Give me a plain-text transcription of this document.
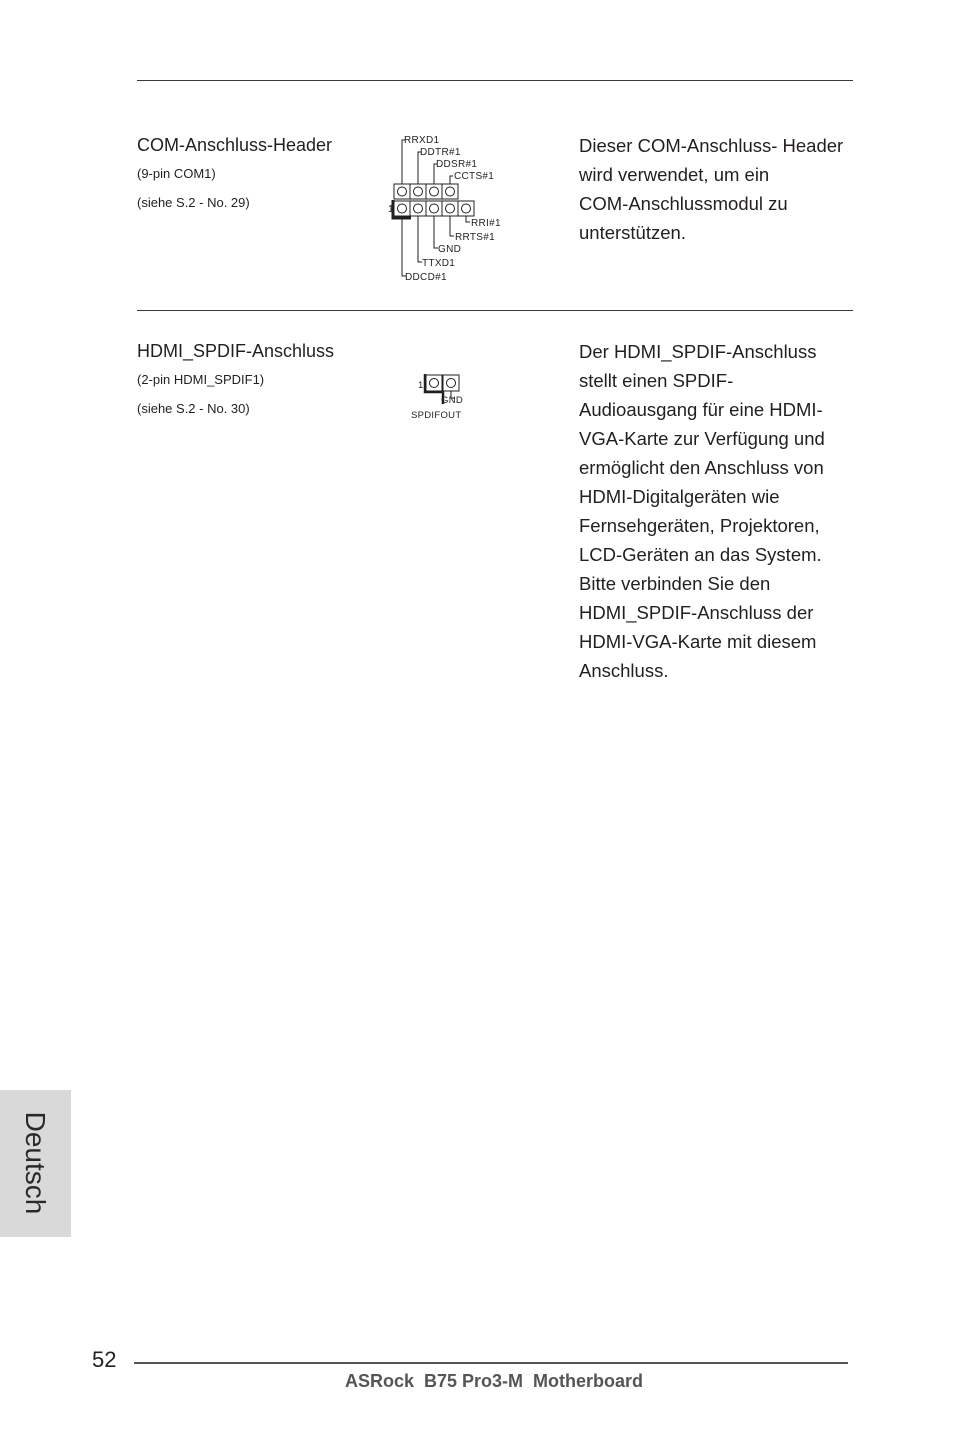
COM-Anschluss-Header
(9-pin COM1)
(siehe S.2 - No. 29)	1
RRXD1
DDTR#1
DDSR#1
CCTS#1
RRI#1
RRTS#1
GND
TTXD1
DDCD#1
Dieser COM-Anschluss- Header
wird verwendet, um ein
COM-Anschlussmodul zu
unterstützen.
HDMI_SPDIF-Anschluss
(2-pin HDMI_SPDIF1)
(siehe S.2 - No. 30)
1
GND
SPDIFOUT
Der HDMI_SPDIF-Anschluss
stellt einen SPDIF-
Audioausgang für eine HDMI-
VGA-Karte zur Verfügung und
ermöglicht den Anschluss von
HDMI-Digitalgeräten wie
Fernsehgeräten, Projektoren,
LCD-Geräten an das System.
Bitte verbinden Sie den
HDMI_SPDIF-Anschluss der
HDMI-VGA-Karte mit diesem
Anschluss.
Deutsch
52
ASRock  B75 Pro3-M  Motherboard
